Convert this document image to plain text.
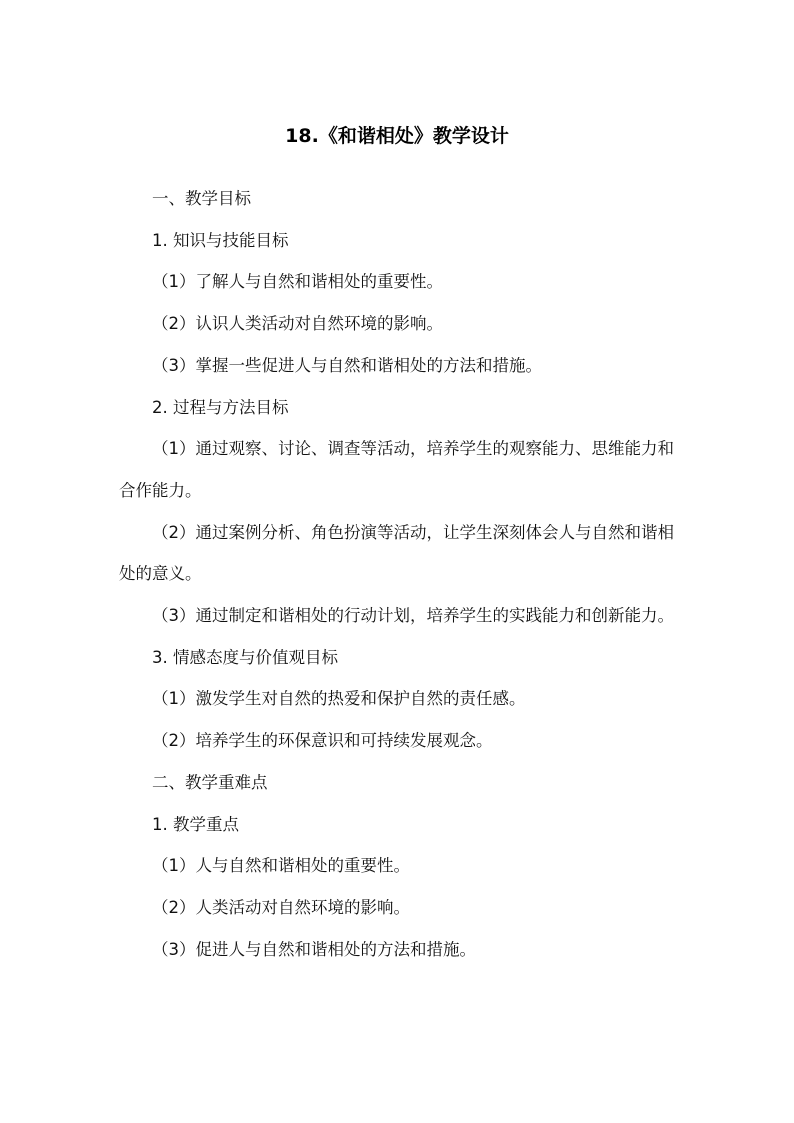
18.《和谐相处》教学设计

一、教学目标

1. 知识与技能目标

（1）了解人与自然和谐相处的重要性。

（2）认识人类活动对自然环境的影响。

（3）掌握一些促进人与自然和谐相处的方法和措施。

2. 过程与方法目标

（1）通过观察、讨论、调查等活动，培养学生的观察能力、思维能力和合作能力。

（2）通过案例分析、角色扮演等活动，让学生深刻体会人与自然和谐相处的意义。

（3）通过制定和谐相处的行动计划，培养学生的实践能力和创新能力。

3. 情感态度与价值观目标

（1）激发学生对自然的热爱和保护自然的责任感。

（2）培养学生的环保意识和可持续发展观念。

二、教学重难点

1. 教学重点

（1）人与自然和谐相处的重要性。

（2）人类活动对自然环境的影响。

（3）促进人与自然和谐相处的方法和措施。
